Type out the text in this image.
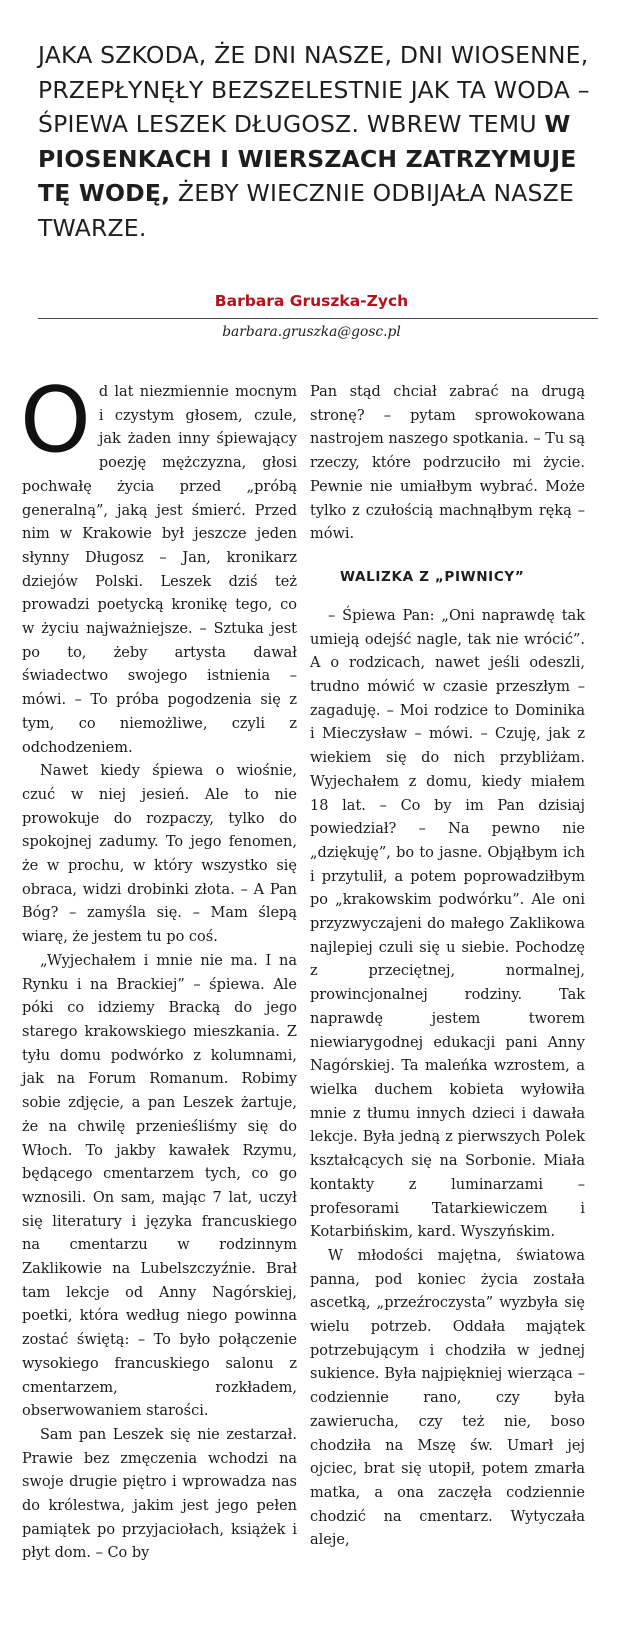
JAKA SZKODA, ŻE DNI NASZE, DNI WIOSENNE, PRZEPŁYNĘŁY BEZSZELESTNIE JAK TA WODA – ŚPIEWA LESZEK DŁUGOSZ. WBREW TEMU W PIOSENKACH I WIERSZACH ZATRZYMUJE TĘ WODĘ, ŻEBY WIECZNIE ODBIJAŁA NASZE TWARZE.
Barbara Gruszka-Zych
barbara.gruszka@gosc.pl

Od lat niezmiennie mocnym i czystym głosem, czule, jak żaden inny śpiewający poezję mężczyzna, głosi pochwałę życia przed „próbą generalną”, jaką jest śmierć. Przed nim w Krakowie był jeszcze jeden słynny Długosz – Jan, kronikarz dziejów Polski. Leszek dziś też prowadzi poetycką kronikę tego, co w życiu najważniejsze. – Sztuka jest po to, żeby artysta dawał świadectwo swojego istnienia – mówi. – To próba pogodzenia się z tym, co niemożliwe, czyli z odchodzeniem.

Nawet kiedy śpiewa o wiośnie, czuć w niej jesień. Ale to nie prowokuje do rozpaczy, tylko do spokojnej zadumy. To jego fenomen, że w prochu, w który wszystko się obraca, widzi drobinki złota. – A Pan Bóg? – zamyśla się. – Mam ślepą wiarę, że jestem tu po coś.

„Wyjechałem i mnie nie ma. I na Rynku i na Brackiej” – śpiewa. Ale póki co idziemy Bracką do jego starego krakowskiego mieszkania. Z tyłu domu podwórko z kolumnami, jak na Forum Romanum. Robimy sobie zdjęcie, a pan Leszek żartuje, że na chwilę przenieśliśmy się do Włoch. To jakby kawałek Rzymu, będącego cmentarzem tych, co go wznosili. On sam, mając 7 lat, uczył się literatury i języka francuskiego na cmentarzu w rodzinnym Zaklikowie na Lubelszczyźnie. Brał tam lekcje od Anny Nagórskiej, poetki, która według niego powinna zostać świętą: – To było połączenie wysokiego francuskiego salonu z cmentarzem, rozkładem, obserwowaniem starości.

Sam pan Leszek się nie zestarzał. Prawie bez zmęczenia wchodzi na swoje drugie piętro i wprowadza nas do królestwa, jakim jest jego pełen pamiątek po przyjaciołach, książek i płyt dom. – Co by

Pan stąd chciał zabrać na drugą stronę? – pytam sprowokowana nastrojem naszego spotkania. – Tu są rzeczy, które podrzuciło mi życie. Pewnie nie umiałbym wybrać. Może tylko z czułością machnąłbym ręką – mówi.

WALIZKA Z „PIWNICY”

– Śpiewa Pan: „Oni naprawdę tak umieją odejść nagle, tak nie wrócić”. A o rodzicach, nawet jeśli odeszli, trudno mówić w czasie przeszłym – zagaduję. – Moi rodzice to Dominika i Mieczysław – mówi. – Czuję, jak z wiekiem się do nich przybliżam. Wyjechałem z domu, kiedy miałem 18 lat. – Co by im Pan dzisiaj powiedział? – Na pewno nie „dziękuję”, bo to jasne. Objąłbym ich i przytulił, a potem poprowadziłbym po „krakowskim podwórku”. Ale oni przyzwyczajeni do małego Zaklikowa najlepiej czuli się u siebie. Pochodzę z przeciętnej, normalnej, prowincjonalnej rodziny. Tak naprawdę jestem tworem niewiarygodnej edukacji pani Anny Nagórskiej. Ta maleńka wzrostem, a wielka duchem kobieta wyłowiła mnie z tłumu innych dzieci i dawała lekcje. Była jedną z pierwszych Polek kształcących się na Sorbonie. Miała kontakty z luminarzami – profesorami Tatarkiewiczem i Kotarbińskim, kard. Wyszyńskim.

W młodości majętna, światowa panna, pod koniec życia została ascetką, „przeźroczysta” wyzbyła się wielu potrzeb. Oddała majątek potrzebującym i chodziła w jednej sukience. Była najpiękniej wierząca – codziennie rano, czy była zawierucha, czy też nie, boso chodziła na Mszę św. Umarł jej ojciec, brat się utopił, potem zmarła matka, a ona zaczęła codziennie chodzić na cmentarz. Wytyczała aleje,
